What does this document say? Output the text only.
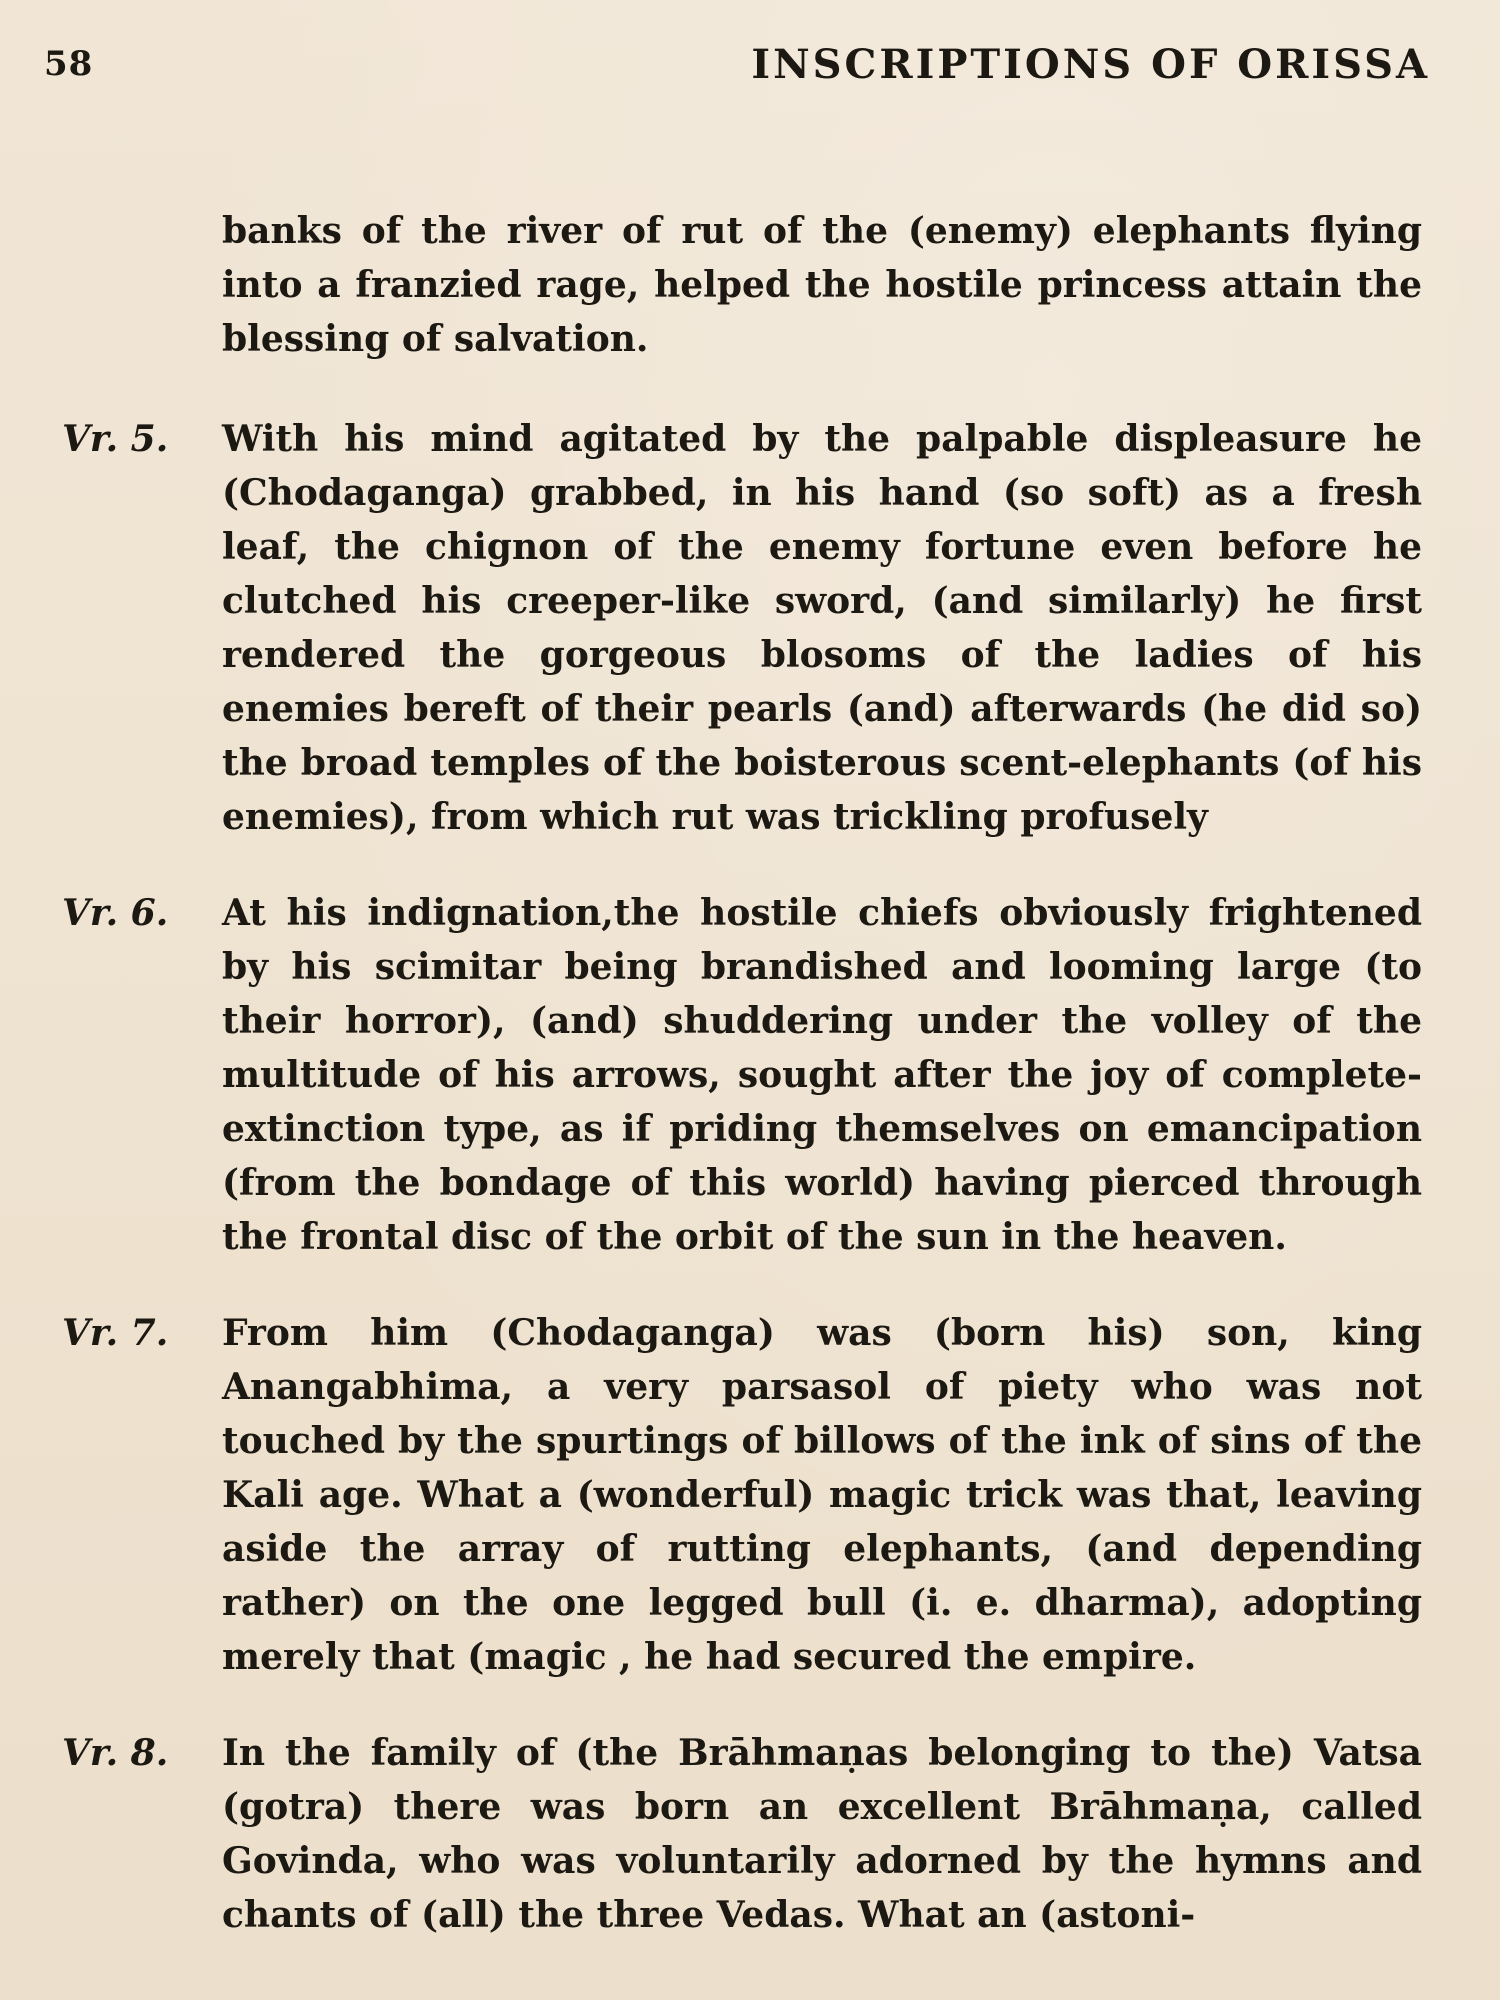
58	INSCRIPTIONS OF ORISSA

banks of the river of rut of the (enemy) elephants flying into a franzied rage, helped the hostile princess attain the blessing of salvation.

Vr. 5.	With his mind agitated by the palpable displeasure he (Chodaganga) grabbed, in his hand (so soft) as a fresh leaf, the chignon of the enemy fortune even before he clutched his creeper-like sword, (and similarly) he first rendered the gorgeous blosoms of the ladies of his enemies bereft of their pearls (and) afterwards (he did so) the broad temples of the boisterous scent-elephants (of his enemies), from which rut was trickling profusely
Vr. 6.	At his indignation,the hostile chiefs obviously frightened by his scimitar being brandished and looming large (to their horror), (and) shuddering under the volley of the multitude of his arrows, sought after the joy of complete-extinction type, as if priding themselves on emancipation (from the bondage of this world) having pierced through the frontal disc of the orbit of the sun in the heaven.
Vr. 7.	From him (Chodaganga) was (born his) son, king Anangabhima, a very parsasol of piety who was not touched by the spurtings of billows of the ink of sins of the Kali age. What a (wonderful) magic trick was that, leaving aside the array of rutting elephants, (and depending rather) on the one legged bull (i. e. dharma), adopting merely that (magic , he had secured the empire.
Vr. 8.	In the family of (the Brāhmaṇas belonging to the) Vatsa (gotra) there was born an excellent Brāhmaṇa, called Govinda, who was voluntarily adorned by the hymns and chants of (all) the three Vedas. What an (astoni-
